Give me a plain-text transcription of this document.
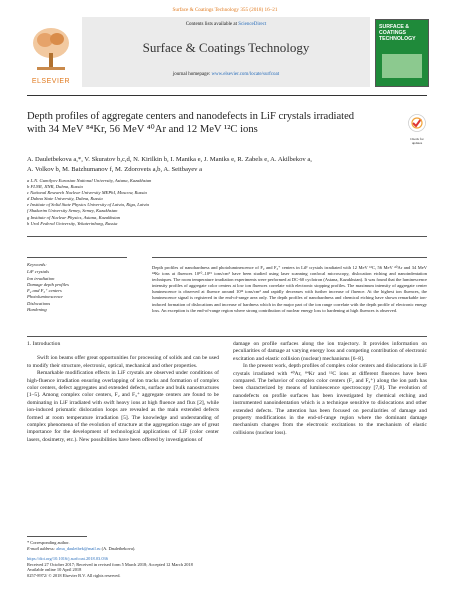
Surface & Coatings Technology 355 (2018) 16–21
ELSEVIER
Contents lists available at ScienceDirect
Surface & Coatings Technology
journal homepage: www.elsevier.com/locate/surfcoat
SURFACE & COATINGS TECHNOLOGY
Depth profiles of aggregate centers and nanodefects in LiF crystals irradiated
with 34 MeV ⁸⁴Kr, 56 MeV ⁴⁰Ar and 12 MeV ¹²C ions
Check for updates
A. Dauletbekova a,*, V. Skuratov b,c,d, N. Kirilkin b, I. Manika e, J. Maniks e, R. Zabels e, A. Akilbekov a,
A. Volkov b, M. Baizhumanov f, M. Zdorovets a,b, A. Seitbayev a
a L.N. Gumilyov Eurasian National University, Astana, Kazakhstan
b FLNR, JINR, Dubna, Russia
c National Research Nuclear University MEPhI, Moscow, Russia
d Dubna State University, Dubna, Russia
e Institute of Solid State Physics University of Latvia, Riga, Latvia
f Shakarim University Semey, Semey, Kazakhstan
g Institute of Nuclear Physics, Astana, Kazakhstan
h Ural Federal University, Yekaterinburg, Russia
Keywords:
LiF crystals
Ion irradiation
Damage depth profiles
F₂ and F₃⁺ centers
Photoluminescence
Dislocations
Hardening
Depth profiles of nanohardness and photoluminescence of F₂ and F₃⁺ centers in LiF crystals irradiated with 12 MeV ¹²C, 56 MeV ⁴⁰Ar and 34 MeV ⁸⁴Kr ions at fluences 10¹⁰–10¹⁵ ions/cm² have been studied using laser scanning confocal microscopy, dislocation etching and nanoindentation techniques. The room temperature irradiation experiments were performed at DC-60 cyclotron (Astana, Kazakhstan). It was found that the luminescence intensity profiles of aggregate color centers at low ion fluences correlate with electronic stopping profiles. The maximum intensity of aggregate center luminescence is observed at fluence around 10¹³ ions/cm² and rapidly decreases with further increase of fluence. At the highest ion fluences, the luminescence signal is registered in the end-of-range area only. The depth profiles of nanohardness and chemical etching have shown remarkable ion-induced formation of dislocations and increase of hardness which in the major part of the ion range correlate with the depth profile of electronic energy loss. An exception is the end-of-range region where strong contribution of nuclear energy loss to hardening at high fluences is observed.
1. Introduction

Swift ion beams offer great opportunities for processing of solids and can be used to modify their structure, electronic, optical, mechanical and other properties.

Remarkable modification effects in LiF crystals are observed under conditions of high-fluence irradiation ensuring overlapping of ion tracks and formation of complex color centers, defect aggregates and extended defects, surface and bulk nanostructures [1–5]. Among complex color centers, F₂ and F₃⁺ aggregate centers are found to be dominating in LiF irradiated with swift heavy ions at high fluence and flux [2], while ion-induced prismatic dislocation loops are revealed as the main extended defects formed at room temperature irradiation [5]. The knowledge and understanding of complex phenomena of the evolution of structure at the aggregation stage are of great importance for the development of technological applications of LiF (color center lasers, dosimetry, etc.). New possibilities have been offered by investigations of

damage on profile surfaces along the ion trajectory. It provides information on peculiarities of damage at varying energy loss and competing contribution of electronic excitation and elastic collision (nuclear) mechanisms [6–8].

In the present work, depth profiles of complex color centers and dislocations in LiF crystals irradiated with ⁴⁰Ar, ⁸⁴Kr and ¹²C ions at different fluences have been compared. The behavior of complex color centers (F₂ and F₃⁺) along the ion path has been characterized by means of luminescence spectroscopy [7,8]. The evolution of nanodefects on profile surfaces has been investigated by chemical etching and instrumented nanoindentation which is a technique sensitive to dislocations and other extended defects. The attention has been focused on peculiarities of damage and property modifications in the end-of-range region where the dominant damage mechanism changes from the electronic excitations to the mechanism of elastic collisions (nuclear loss).

* Corresponding author.
E-mail address: alma_dauletbek@mail.ru (A. Dauletbekova).
https://doi.org/10.1016/j.surfcoat.2018.03.036
Received 27 October 2017; Received in revised form 5 March 2018; Accepted 12 March 2018
Available online 10 April 2018
0257-8972/ © 2018 Elsevier B.V. All rights reserved.
